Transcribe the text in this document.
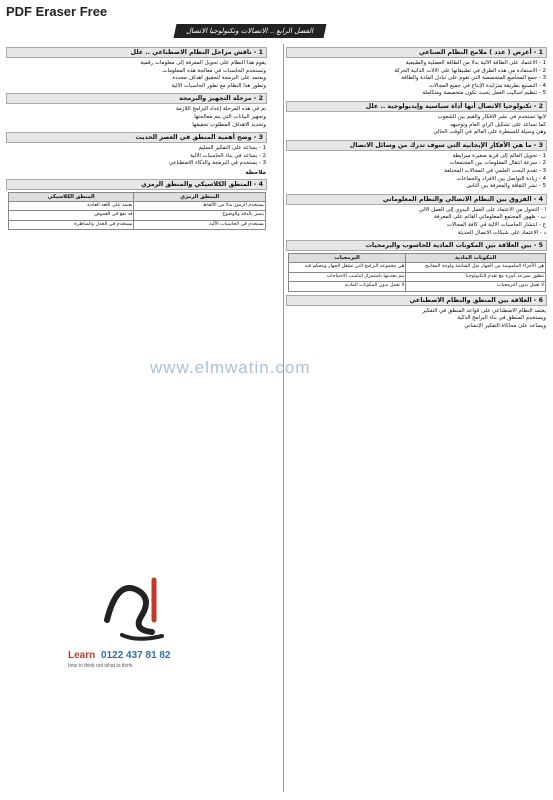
PDF Eraser Free
الفصل الرابع .. الاتصالات وتكنولوجيا الاتصال
1 - أعرض ( عدد ) ملامح النظام الصناعي
1 - الاعتماد على الطاقة الآلية بدلا من الطاقة العضلية والطبيعية
2 - الاستفادة من هذه الطرق في تطبيقاتها على الآلات الذاتية الحركة
3 - جمع المجاميع المتخصصة التي تقوم على تبادل المادة والطاقة
4 - التصنيع بطريقة متزايدة الإنتاج في جميع المجالات
5 - تنظيم أساليب العمل بحيث تكون متخصصة ومتكاملة
2 - تكنولوجيا الاتصال أنها أداة سياسية وإيديولوجية .. علل
لأنها تستخدم في نشر الأفكار والقيم بين الشعوب
كما تساعد على تشكيل الرأي العام وتوجيهه
وهي وسيلة للسيطرة على العالم في الوقت الحالي
3 - ما هي الأفكار الإيجابية التي سوف تدرك من وسائل الاتصال
1 - تحويل العالم إلى قرية صغيرة مترابطة
2 - سرعة انتقال المعلومات بين المجتمعات
3 - تقدم البحث العلمي في المجالات المختلفة
4 - زيادة التواصل بين الأفراد والجماعات
5 - نشر الثقافة والمعرفة بين الناس
4 - الفروق بين النظام الاتصالي والنظام المعلوماتي
أ - التحول من الاعتماد على العمل اليدوي إلى العمل الآلي
ب - ظهور المجتمع المعلوماتي القائم على المعرفة
ج - انتشار الحاسبات الآلية في كافة المجالات
د - الاعتماد على شبكات الاتصال الحديثة
5 - بين العلاقة بين المكونات المادية للحاسوب والبرمجيات
المكونات المادية	البرمجيات
هي الأجزاء الملموسة من الجهاز مثل الشاشة ولوحة المفاتيح	هي مجموعة البرامج التي تشغل الجهاز وتتحكم فيه
تتطور بسرعة كبيرة مع تقدم التكنولوجيا	يتم تحديثها باستمرار لتناسب الاحتياجات
لا تعمل بدون البرمجيات	لا تعمل بدون المكونات المادية
6 - العلاقة بين المنطق والنظام الاصطناعي
يعتمد النظام الاصطناعي على قواعد المنطق في التفكير
ويستخدم المنطق في بناء البرامج الذكية
ويساعد على محاكاة التفكير الإنساني
1 - ناقش مراحل النظام الاصطناعي .. علل
يقوم هذا النظام على تحويل المعرفة إلى معلومات رقمية
وتستخدم الحاسبات في معالجة هذه المعلومات
ويعتمد على البرمجة لتحقيق أهداف محددة
وتطور هذا النظام مع تطور الحاسبات الآلية
2 - مرحلة التجهيز والبرمجة
تم في هذه المرحلة إعداد البرامج اللازمة
وتجهيز البيانات التي يتم معالجتها
وتحديد الأهداف المطلوب تحقيقها
3 - وضح أهمية المنطق في العصر الحديث
1 - يساعد على التفكير السليم
2 - يساعد في بناء الحاسبات الآلية
3 - يستخدم في البرمجة والذكاء الاصطناعي
ملاحظة
4 - المنطق الكلاسيكي والمنطق الرمزي
المنطق الرمزي	المنطق الكلاسيكي
يستخدم الرموز بدلا من الألفاظ	يعتمد على اللغة العادية
يتميز بالدقة والوضوح	قد يقع في الغموض
يستخدم في الحاسبات الآلية	يستخدم في الجدل والمناظرة
www.elmwatin.com
Learn 0122 437 81 82
how to think not what to think
